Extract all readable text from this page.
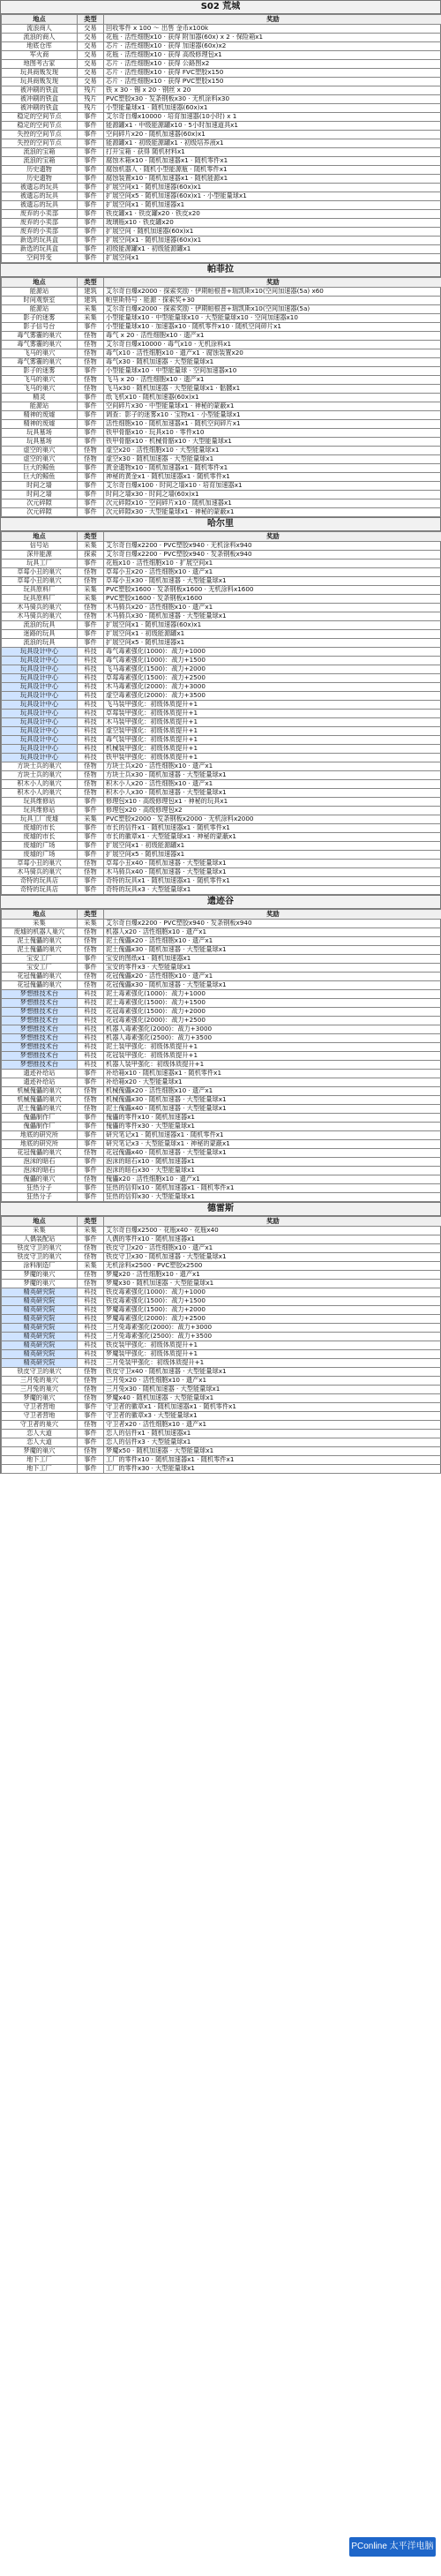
S02 荒城
地点	类型	奖励
流浪商人	交易	回收零件 x 100 ～ 出售 金币x100k
流浪的商人	交易	花瓶 · 活性细胞x10 · 获得 附加器(60x) x 2 · 保险箱x1
地底仓库	交易	芯片 · 活性细胞x10 · 获得 加速器(60x)x2
军火商	交易	花瓶 · 活性细胞x10 · 获得 高级修理包x1
地图考古家	交易	芯片 · 活性细胞x10 · 获得 公路图x2
玩具商贩发现	交易	芯片 · 活性细胞x10 · 获得 FVC塑胶x150
玩具商贩发现	交易	芯片 · 活性细胞x10 · 获得 PVC塑胶x150
被冲刷的铁盒	残片	铁 x 30 · 锡 x 20 · 钢丝 x 20
被冲刷的铁盒	残片	PVC塑胶x30 · 发条钢板x30 · 无机涂料x30
被冲刷的铁盒	残片	小型能量球x1 · 随机加速器(60x)x1
稳定的空间节点	事件	艾尔奇自爆x10000 · 培育加速器(10小时) x 1
稳定的空间节点	事件	能源罐x1 · 中级能源罐x10 · 5小时加速道具x1
失控的空间节点	事件	空间碎片x20 · 随机加速器(60x)x1
失控的空间节点	事件	能源罐x1 · 初级能源罐x1 · 初级培养液x1
流浪的宝箱	事件	打开宝箱 · 获得 随机材料x1
流浪的宝箱	事件	腐蚀木箱x10 · 随机加速器x1 · 随机零件x1
历史遗物	事件	腐蚀机器人 · 随机小型能源瓶 · 随机零件x1
历史遗物	事件	腐蚀装置x10 · 随机加速器x1 · 随机能源x1
被遗忘的玩具	事件	扩展空间x1 · 随机加速器(60x)x1
被遗忘的玩具	事件	扩展空间x5 · 随机加速器(60x)x1 · 小型能量球x1
被遗忘的玩具	事件	扩展空间x1 · 随机加速器x1
废弃的小卖部	事件	铁皮罐x1 · 铁皮罐x20 · 铁皮x20
废弃的小卖部	事件	玻璃瓶x10 · 铁皮罐x20
废弃的小卖部	事件	扩展空间 · 随机加速器(60x)x1
新选的玩具盒	事件	扩展空间x1 · 随机加速器(60x)x1
新选的玩具盒	事件	初级能源罐x1 · 初级能源罐x1
空间异变	事件	扩展空间x1
帕菲拉
地点	类型	奖励
能源站	建筑	艾尔奇自爆x2000 · 探索奖励 · 伊期帕根普+瑞凯斯x10(空间加速器(5a) x60
时间观察室	建筑	帕里斯特号 · 能源 · 探索奖+30
能源站	采集	艾尔奇自爆x2000 · 探索奖励 · 伊期帕根普+瑞凯斯x10(空间加速器(5a)
影子的迷雾	采集	小型能量球x10 · 中型能量球x10 · 大型能量球x10 · 空间加速器x10
影子信号台	事件	小型能量球x10 · 加速器x10 · 随机零件x10 · 随机空间碎片x1
毒气雾霾的巢穴	怪物	毒气 x 20 · 活性细胞x10 · 遗产x1
毒气雾霾的巢穴	怪物	艾尔奇自爆x10000 · 毒气x10 · 无机涂料x1
飞马的巢穴	怪物	毒气x10 · 活性细胞x10 · 遗产x1 · 腐蚀装置x20
毒气雾霾的巢穴	怪物	毒气x30 · 随机加速器 · 大型能量球x1
影子的迷雾	事件	小型能量球x10 · 中型能量球 · 空间加速器x10
飞马的巢穴	怪物	飞马 x 20 · 活性细胞x10 · 遗产x1
飞马的巢穴	怪物	飞马x30 · 随机加速器 · 大型能量球x1 · 骷髅x1
精灵	事件	纸飞机x10 · 随机加速器(60x)x1
能源站	事件	空间碎片x30 · 中型能量球x1 · 神秘的蒙蔽x1
精神的废墟	事件	调查：影子的迷雾x10 · 宝物x1 · 小型能量球x1
精神的废墟	事件	活性细胞x10 · 随机加速器x1 · 随机空间碎片x1
玩具墓场	事件	铁甲骨骼x10 · 玩具x10 · 零件x10
玩具墓场	事件	铁甲骨骼x10 · 机械骨骼x10 · 大型能量球x1
虚空的巢穴	怪物	虚空x20 · 活性细胞x10 · 大型能量球x1
虚空的巢穴	怪物	虚空x30 · 随机加速器 · 大型能量球x1
巨大的鲸鱼	事件	黄金遗物x10 · 随机加速器x1 · 随机零件x1
巨大的鲸鱼	事件	神秘的黄金x1 · 随机加速器x1 · 随机零件x1
时间之墙	事件	艾尔奇自爆x100 · 时间之墙x10 · 培育加速器x1
时间之墙	事件	时间之墙x30 · 时间之墙(60x)x1
次元碎隙	事件	次元碎隙x10 · 空间碎片x10 · 随机加速器x1
次元碎隙	事件	次元碎隙x30 · 大型能量球x1 · 神秘的蒙蔽x1
哈尔里
地点	类型	奖励
信号站	采集	艾尔奇自爆x2200 · PVC塑胶x940 · 无机涂料x940
深井能源	探索	艾尔奇自爆x2200 · PVC塑胶x940 · 发条钢板x940
玩具工厂	事件	花瓶x10 · 活性细胞x10 · 扩展空间x1
草莓小丑的巢穴	怪物	草莓小丑x20 · 活性细胞x10 · 遗产x1
草莓小丑的巢穴	怪物	草莓小丑x30 · 随机加速器 · 大型能量球x1
玩具原料厂	采集	PVC塑胶x1600 · 发条钢板x1600 · 无机涂料x1600
玩具原料厂	采集	PVC塑胶x1600 · 发条钢板x1600
木马骑兵的巢穴	怪物	木马骑兵x20 · 活性细胞x10 · 遗产x1
木马骑兵的巢穴	怪物	木马骑兵x30 · 随机加速器 · 大型能量球x1
流浪的玩具	事件	扩展空间x1 · 随机加速器(60x)x1
迷路的玩具	事件	扩展空间x1 · 初级能源罐x1
流浪的玩具	事件	扩展空间x5 · 随机加速器x1
玩具设计中心	科技	毒气毒素强化(1000)：战力+1000
玩具设计中心	科技	毒气毒素强化(1000)：战力+1500
玩具设计中心	科技	飞马毒素强化(1500)：战力+2000
玩具设计中心	科技	草莓毒素强化(1500)：战力+2500
玩具设计中心	科技	木马毒素强化(2000)：战力+3000
玩具设计中心	科技	虚空毒素强化(2000)：战力+3500
玩具设计中心	科技	飞马装甲强化：初级体质提升+1
玩具设计中心	科技	草莓装甲强化：初级体质提升+1
玩具设计中心	科技	木马装甲强化：初级体质提升+1
玩具设计中心	科技	虚空装甲强化：初级体质提升+1
玩具设计中心	科技	毒气装甲强化：初级体质提升+1
玩具设计中心	科技	机械装甲强化：初级体质提升+1
玩具设计中心	科技	铁甲装甲强化：初级体质提升+1
方块士兵的巢穴	怪物	方块士兵x20 · 活性细胞x10 · 遗产x1
方块士兵的巢穴	怪物	方块士兵x30 · 随机加速器 · 大型能量球x1
积木小人的巢穴	怪物	积木小人x20 · 活性细胞x10 · 遗产x1
积木小人的巢穴	怪物	积木小人x30 · 随机加速器 · 大型能量球x1
玩具维修站	事件	修理包x10 · 高级修理包x1 · 神秘的玩具x1
玩具维修站	事件	修理包x20 · 高级修理包x2
玩具工厂废墟	采集	PVC塑胶x2000 · 发条钢板x2000 · 无机涂料x2000
废墟的市长	事件	市长的信件x1 · 随机加速器x1 · 随机零件x1
废墟的市长	事件	市长的徽章x1 · 大型能量球x1 · 神秘的蒙蔽x1
废墟的广场	事件	扩展空间x1 · 初级能源罐x1
废墟的广场	事件	扩展空间x5 · 随机加速器x1
草莓小丑的巢穴	怪物	草莓小丑x40 · 随机加速器 · 大型能量球x1
木马骑兵的巢穴	怪物	木马骑兵x40 · 随机加速器 · 大型能量球x1
奇特的玩具店	事件	奇特的玩具x1 · 随机加速器x1 · 随机零件x1
奇特的玩具店	事件	奇特的玩具x3 · 大型能量球x1
遗迹谷
地点	类型	奖励
采集	采集	艾尔奇自爆x2200 · PVC塑胶x940 · 发条钢板x940
废墟的机器人巢穴	怪物	机器人x20 · 活性细胞x10 · 遗产x1
泥土傀儡的巢穴	怪物	泥土傀儡x20 · 活性细胞x10 · 遗产x1
泥土傀儡的巢穴	怪物	泥土傀儡x30 · 随机加速器 · 大型能量球x1
宝安工厂	事件	宝安的图纸x1 · 随机加速器x1
宝安工厂	事件	宝安的零件x3 · 大型能量球x1
花冠傀儡的巢穴	怪物	花冠傀儡x20 · 活性细胞x10 · 遗产x1
花冠傀儡的巢穴	怪物	花冠傀儡x30 · 随机加速器 · 大型能量球x1
梦想推技术台	科技	泥土毒素强化(1000)：战力+1000
梦想推技术台	科技	泥土毒素强化(1500)：战力+1500
梦想推技术台	科技	花冠毒素强化(1500)：战力+2000
梦想推技术台	科技	花冠毒素强化(2000)：战力+2500
梦想推技术台	科技	机器人毒素强化(2000)：战力+3000
梦想推技术台	科技	机器人毒素强化(2500)：战力+3500
梦想推技术台	科技	泥土装甲强化：初级体质提升+1
梦想推技术台	科技	花冠装甲强化：初级体质提升+1
梦想推技术台	科技	机器人装甲强化：初级体质提升+1
遗迹补给站	事件	补给箱x10 · 随机加速器x1 · 随机零件x1
遗迹补给站	事件	补给箱x20 · 大型能量球x1
机械傀儡的巢穴	怪物	机械傀儡x20 · 活性细胞x10 · 遗产x1
机械傀儡的巢穴	怪物	机械傀儡x30 · 随机加速器 · 大型能量球x1
泥土傀儡的巢穴	怪物	泥土傀儡x40 · 随机加速器 · 大型能量球x1
傀儡制作厂	事件	傀儡的零件x10 · 随机加速器x1
傀儡制作厂	事件	傀儡的零件x30 · 大型能量球x1
地底的研究所	事件	研究笔记x1 · 随机加速器x1 · 随机零件x1
地底的研究所	事件	研究笔记x3 · 大型能量球x1 · 神秘的蒙蔽x1
花冠傀儡的巢穴	怪物	花冠傀儡x40 · 随机加速器 · 大型能量球x1
泡沫的暗石	事件	泡沫的暗石x10 · 随机加速器x1
泡沫的暗石	事件	泡沫的暗石x30 · 大型能量球x1
傀儡的巢穴	怪物	傀儡x20 · 活性细胞x10 · 遗产x1
狂热分子	事件	狂热的信仰x10 · 随机加速器x1 · 随机零件x1
狂热分子	事件	狂热的信仰x30 · 大型能量球x1
德雷斯
地点	类型	奖励
采集	采集	艾尔奇自爆x2500 · 花瓶x40 · 花瓶x40
人偶装配站	事件	人偶的零件x10 · 随机加速器x1
铁皮守卫的巢穴	怪物	铁皮守卫x20 · 活性细胞x10 · 遗产x1
铁皮守卫的巢穴	怪物	铁皮守卫x30 · 随机加速器 · 大型能量球x1
涂料制造厂	采集	无机涂料x2500 · PVC塑胶x2500
梦魔的巢穴	怪物	梦魔x20 · 活性细胞x10 · 遗产x1
梦魔的巢穴	怪物	梦魔x30 · 随机加速器 · 大型能量球x1
精英研究院	科技	铁皮毒素强化(1000)：战力+1000
精英研究院	科技	铁皮毒素强化(1500)：战力+1500
精英研究院	科技	梦魔毒素强化(1500)：战力+2000
精英研究院	科技	梦魔毒素强化(2000)：战力+2500
精英研究院	科技	三月兔毒素强化(2000)：战力+3000
精英研究院	科技	三月兔毒素强化(2500)：战力+3500
精英研究院	科技	铁皮装甲强化：初级体质提升+1
精英研究院	科技	梦魔装甲强化：初级体质提升+1
精英研究院	科技	三月兔装甲强化：初级体质提升+1
铁皮守卫的巢穴	怪物	铁皮守卫x40 · 随机加速器 · 大型能量球x1
三月兔的巢穴	怪物	三月兔x20 · 活性细胞x10 · 遗产x1
三月兔的巢穴	怪物	三月兔x30 · 随机加速器 · 大型能量球x1
梦魔的巢穴	怪物	梦魔x40 · 随机加速器 · 大型能量球x1
守卫者营地	事件	守卫者的徽章x1 · 随机加速器x1 · 随机零件x1
守卫者营地	事件	守卫者的徽章x3 · 大型能量球x1
守卫者的巢穴	怪物	守卫者x20 · 活性细胞x10 · 遗产x1
恋人大道	事件	恋人的信件x1 · 随机加速器x1
恋人大道	事件	恋人的信件x3 · 大型能量球x1
梦魔的巢穴	怪物	梦魔x50 · 随机加速器 · 大型能量球x1
地下工厂	事件	工厂的零件x10 · 随机加速器x1 · 随机零件x1
地下工厂	事件	工厂的零件x30 · 大型能量球x1
PConline 太平洋电脑
